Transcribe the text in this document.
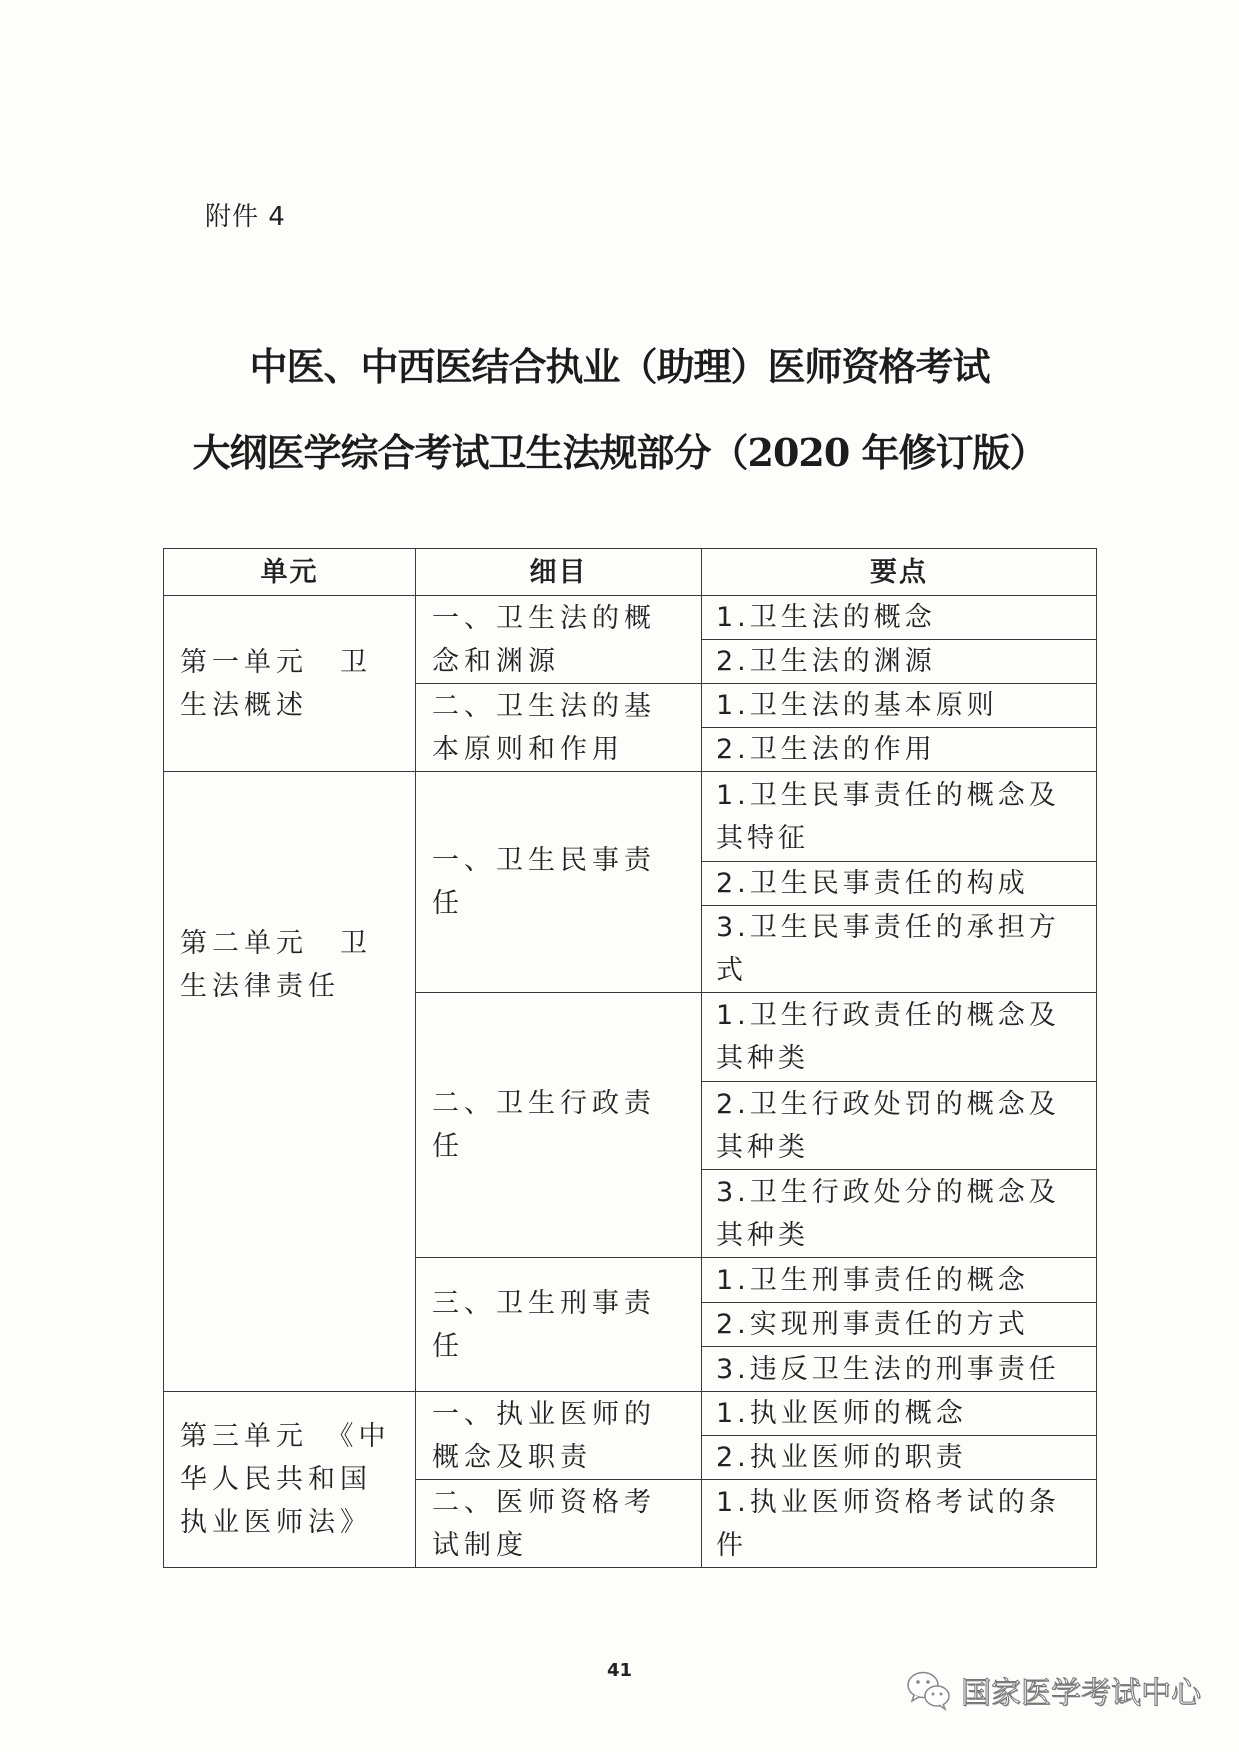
附件 4
中医、中西医结合执业（助理）医师资格考试
大纲医学综合考试卫生法规部分（2020 年修订版）
单元	细目	要点
第一单元　卫生法概述	一、卫生法的概念和渊源	1.卫生法的概念
		2.卫生法的渊源
	二、卫生法的基本原则和作用	1.卫生法的基本原则
		2.卫生法的作用
第二单元　卫生法律责任	一、卫生民事责任	1.卫生民事责任的概念及其特征
		2.卫生民事责任的构成
		3.卫生民事责任的承担方式
	二、卫生行政责任	1.卫生行政责任的概念及其种类
		2.卫生行政处罚的概念及其种类
		3.卫生行政处分的概念及其种类
	三、卫生刑事责任	1.卫生刑事责任的概念
		2.实现刑事责任的方式
		3.违反卫生法的刑事责任
第三单元　《中华人民共和国执业医师法》	一、执业医师的概念及职责	1.执业医师的概念
		2.执业医师的职责
	二、医师资格考试制度	1.执业医师资格考试的条件
41
国家医学考试中心
